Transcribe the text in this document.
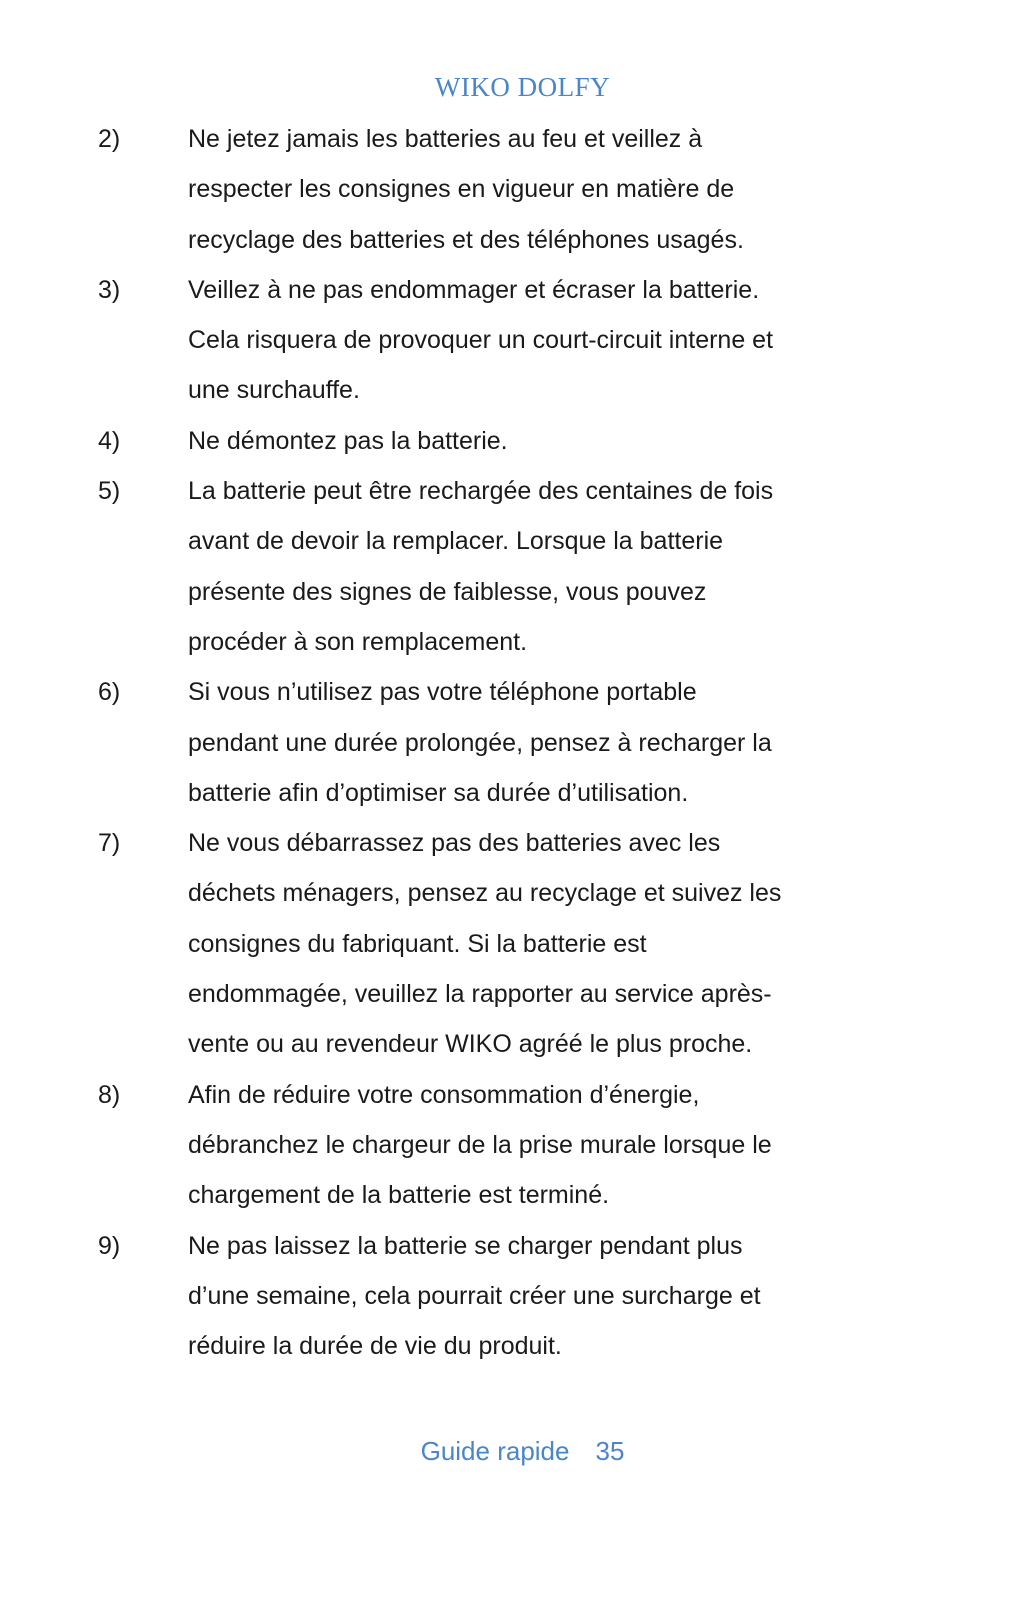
WIKO DOLFY
2)	Ne jetez jamais les batteries au feu et veillez à
respecter les consignes en vigueur en matière de
recyclage des batteries et des téléphones usagés.
3)	Veillez à ne pas endommager et écraser la batterie.
Cela risquera de provoquer un court-circuit interne et
une surchauffe.
4)	Ne démontez pas la batterie.
5)	La batterie peut être rechargée des centaines de fois
avant de devoir la remplacer. Lorsque la batterie
présente des signes de faiblesse, vous pouvez
procéder à son remplacement.
6)	Si vous n’utilisez pas votre téléphone portable
pendant une durée prolongée, pensez à recharger la
batterie afin d’optimiser sa durée d’utilisation.
7)	Ne vous débarrassez pas des batteries avec les
déchets ménagers, pensez au recyclage et suivez les
consignes du fabriquant. Si la batterie est
endommagée, veuillez la rapporter au service après-
vente ou au revendeur WIKO agréé le plus proche.
8)	Afin de réduire votre consommation d’énergie,
débranchez le chargeur de la prise murale lorsque le
chargement de la batterie est terminé.
9)	Ne pas laissez la batterie se charger pendant plus
d’une semaine, cela pourrait créer une surcharge et
réduire la durée de vie du produit.
Guide rapide 35
